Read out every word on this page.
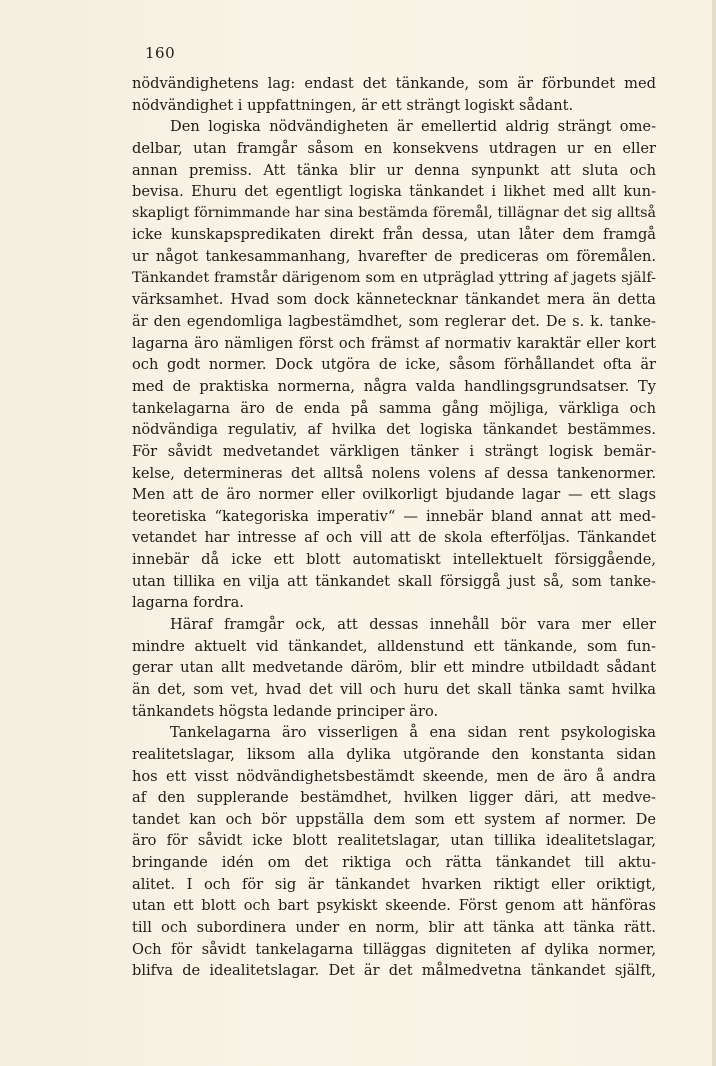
160
nödvändighetens lag: endast det tänkande, som är förbundet med
nödvändighet i uppfattningen, är ett strängt logiskt sådant.
Den logiska nödvändigheten är emellertid aldrig strängt ome-
delbar, utan framgår såsom en konsekvens utdragen ur en eller
annan premiss. Att tänka blir ur denna synpunkt att sluta och
bevisa. Ehuru det egentligt logiska tänkandet i likhet med allt kun-
skapligt förnimmande har sina bestämda föremål, tillägnar det sig alltså
icke kunskapspredikaten direkt från dessa, utan låter dem framgå
ur något tankesammanhang, hvarefter de prediceras om föremålen.
Tänkandet framstår därigenom som en utpräglad yttring af jagets själf-
värksamhet. Hvad som dock kännetecknar tänkandet mera än detta
är den egendomliga lagbestämdhet, som reglerar det. De s. k. tanke-
lagarna äro nämligen först och främst af normativ karaktär eller kort
och godt normer. Dock utgöra de icke, såsom förhållandet ofta är
med de praktiska normerna, några valda handlingsgrundsatser. Ty
tankelagarna äro de enda på samma gång möjliga, värkliga och
nödvändiga regulativ, af hvilka det logiska tänkandet bestämmes.
För såvidt medvetandet värkligen tänker i strängt logisk bemär-
kelse, determineras det alltså nolens volens af dessa tankenormer.
Men att de äro normer eller ovilkorligt bjudande lagar — ett slags
teoretiska “kategoriska imperativ“ — innebär bland annat att med-
vetandet har intresse af och vill att de skola efterföljas. Tänkandet
innebär då icke ett blott automatiskt intellektuelt försiggående,
utan tillika en vilja att tänkandet skall försiggå just så, som tanke-
lagarna fordra.
Häraf framgår ock, att dessas innehåll bör vara mer eller
mindre aktuelt vid tänkandet, alldenstund ett tänkande, som fun-
gerar utan allt medvetande däröm, blir ett mindre utbildadt sådant
än det, som vet, hvad det vill och huru det skall tänka samt hvilka
tänkandets högsta ledande principer äro.
Tankelagarna äro visserligen å ena sidan rent psykologiska
realitetslagar, liksom alla dylika utgörande den konstanta sidan
hos ett visst nödvändighetsbestämdt skeende, men de äro å andra
af den supplerande bestämdhet, hvilken ligger däri, att medve-
tandet kan och bör uppställa dem som ett system af normer. De
äro för såvidt icke blott realitetslagar, utan tillika idealitetslagar,
bringande idén om det riktiga och rätta tänkandet till aktu-
alitet. I och för sig är tänkandet hvarken riktigt eller oriktigt,
utan ett blott och bart psykiskt skeende. Först genom att hänföras
till och subordinera under en norm, blir att tänka att tänka rätt.
Och för såvidt tankelagarna tilläggas digniteten af dylika normer,
blifva de idealitetslagar. Det är det målmedvetna tänkandet själft,
